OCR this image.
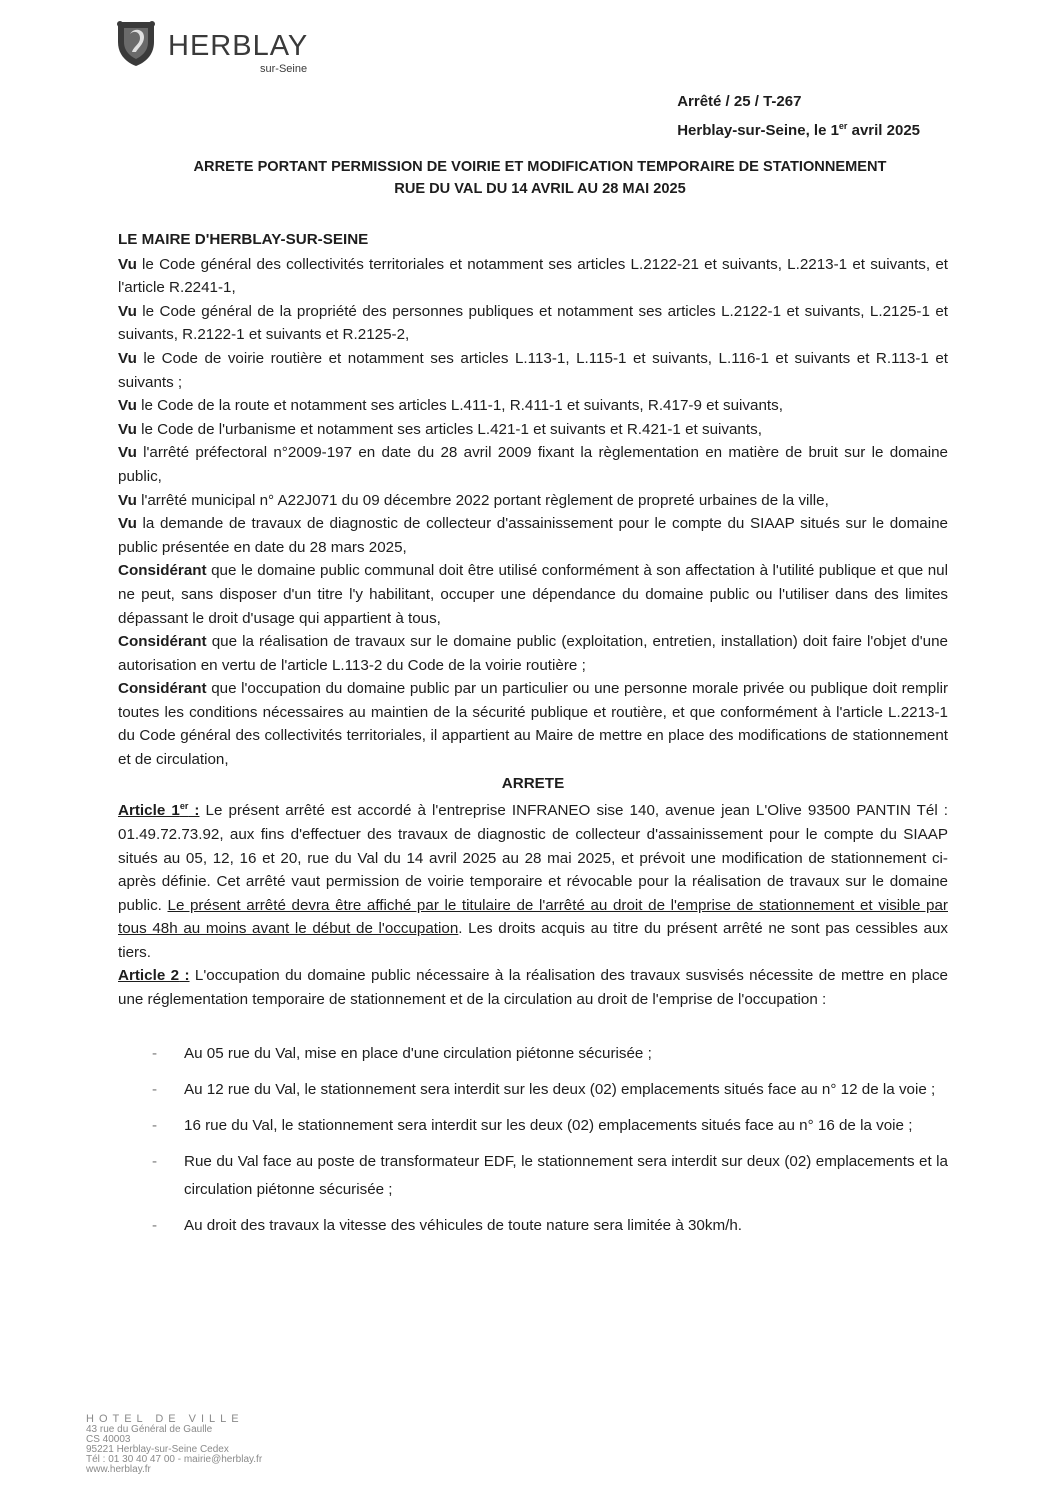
HERBLAY
sur-Seine
Arrêté / 25 / T-267
Herblay-sur-Seine, le 1er avril 2025
ARRETE PORTANT PERMISSION DE VOIRIE ET MODIFICATION TEMPORAIRE DE STATIONNEMENT
RUE DU VAL DU 14 AVRIL AU 28 MAI 2025

LE MAIRE D'HERBLAY-SUR-SEINE

Vu le Code général des collectivités territoriales et notamment ses articles L.2122-21 et suivants, L.2213-1 et suivants, et l'article R.2241-1,

Vu le Code général de la propriété des personnes publiques et notamment ses articles L.2122-1 et suivants, L.2125-1 et suivants, R.2122-1 et suivants et R.2125-2,

Vu le Code de voirie routière et notamment ses articles L.113-1, L.115-1 et suivants, L.116-1 et suivants et R.113-1 et suivants ;

Vu le Code de la route et notamment ses articles L.411-1, R.411-1 et suivants, R.417-9 et suivants,

Vu le Code de l'urbanisme et notamment ses articles L.421-1 et suivants et R.421-1 et suivants,

Vu l'arrêté préfectoral n°2009-197 en date du 28 avril 2009 fixant la règlementation en matière de bruit sur le domaine public,

Vu l'arrêté municipal n° A22J071 du 09 décembre 2022 portant règlement de propreté urbaines de la ville,

Vu la demande de travaux de diagnostic de collecteur d'assainissement pour le compte du SIAAP situés sur le domaine public présentée en date du 28 mars 2025,

Considérant que le domaine public communal doit être utilisé conformément à son affectation à l'utilité publique et que nul ne peut, sans disposer d'un titre l'y habilitant, occuper une dépendance du domaine public ou l'utiliser dans des limites dépassant le droit d'usage qui appartient à tous,

Considérant que la réalisation de travaux sur le domaine public (exploitation, entretien, installation) doit faire l'objet d'une autorisation en vertu de l'article L.113-2 du Code de la voirie routière ;

Considérant que l'occupation du domaine public par un particulier ou une personne morale privée ou publique doit remplir toutes les conditions nécessaires au maintien de la sécurité publique et routière, et que conformément à l'article L.2213-1 du Code général des collectivités territoriales, il appartient au Maire de mettre en place des modifications de stationnement et de circulation,

ARRETE

Article 1er : Le présent arrêté est accordé à l'entreprise INFRANEO sise 140, avenue jean L'Olive 93500 PANTIN Tél : 01.49.72.73.92, aux fins d'effectuer des travaux de diagnostic de collecteur d'assainissement pour le compte du SIAAP situés au 05, 12, 16 et 20, rue du Val du 14 avril 2025 au 28 mai 2025, et prévoit une modification de stationnement ci-après définie. Cet arrêté vaut permission de voirie temporaire et révocable pour la réalisation de travaux sur le domaine public. Le présent arrêté devra être affiché par le titulaire de l'arrêté au droit de l'emprise de stationnement et visible par tous 48h au moins avant le début de l'occupation. Les droits acquis au titre du présent arrêté ne sont pas cessibles aux tiers.

Article 2 : L'occupation du domaine public nécessaire à la réalisation des travaux susvisés nécessite de mettre en place une réglementation temporaire de stationnement et de la circulation au droit de l'emprise de l'occupation :

- Au 05 rue du Val, mise en place d'une circulation piétonne sécurisée ;
- Au 12 rue du Val, le stationnement sera interdit sur les deux (02) emplacements situés face au n° 12 de la voie ;
- 16 rue du Val, le stationnement sera interdit sur les deux (02) emplacements situés face au n° 16 de la voie ;
- Rue du Val face au poste de transformateur EDF, le stationnement sera interdit sur deux (02) emplacements et la circulation piétonne sécurisée ;
- Au droit des travaux la vitesse des véhicules de toute nature sera limitée à 30km/h.
HOTEL DE VILLE
43 rue du Général de Gaulle
CS 40003
95221 Herblay-sur-Seine Cedex
Tél : 01 30 40 47 00 - mairie@herblay.fr
www.herblay.fr
